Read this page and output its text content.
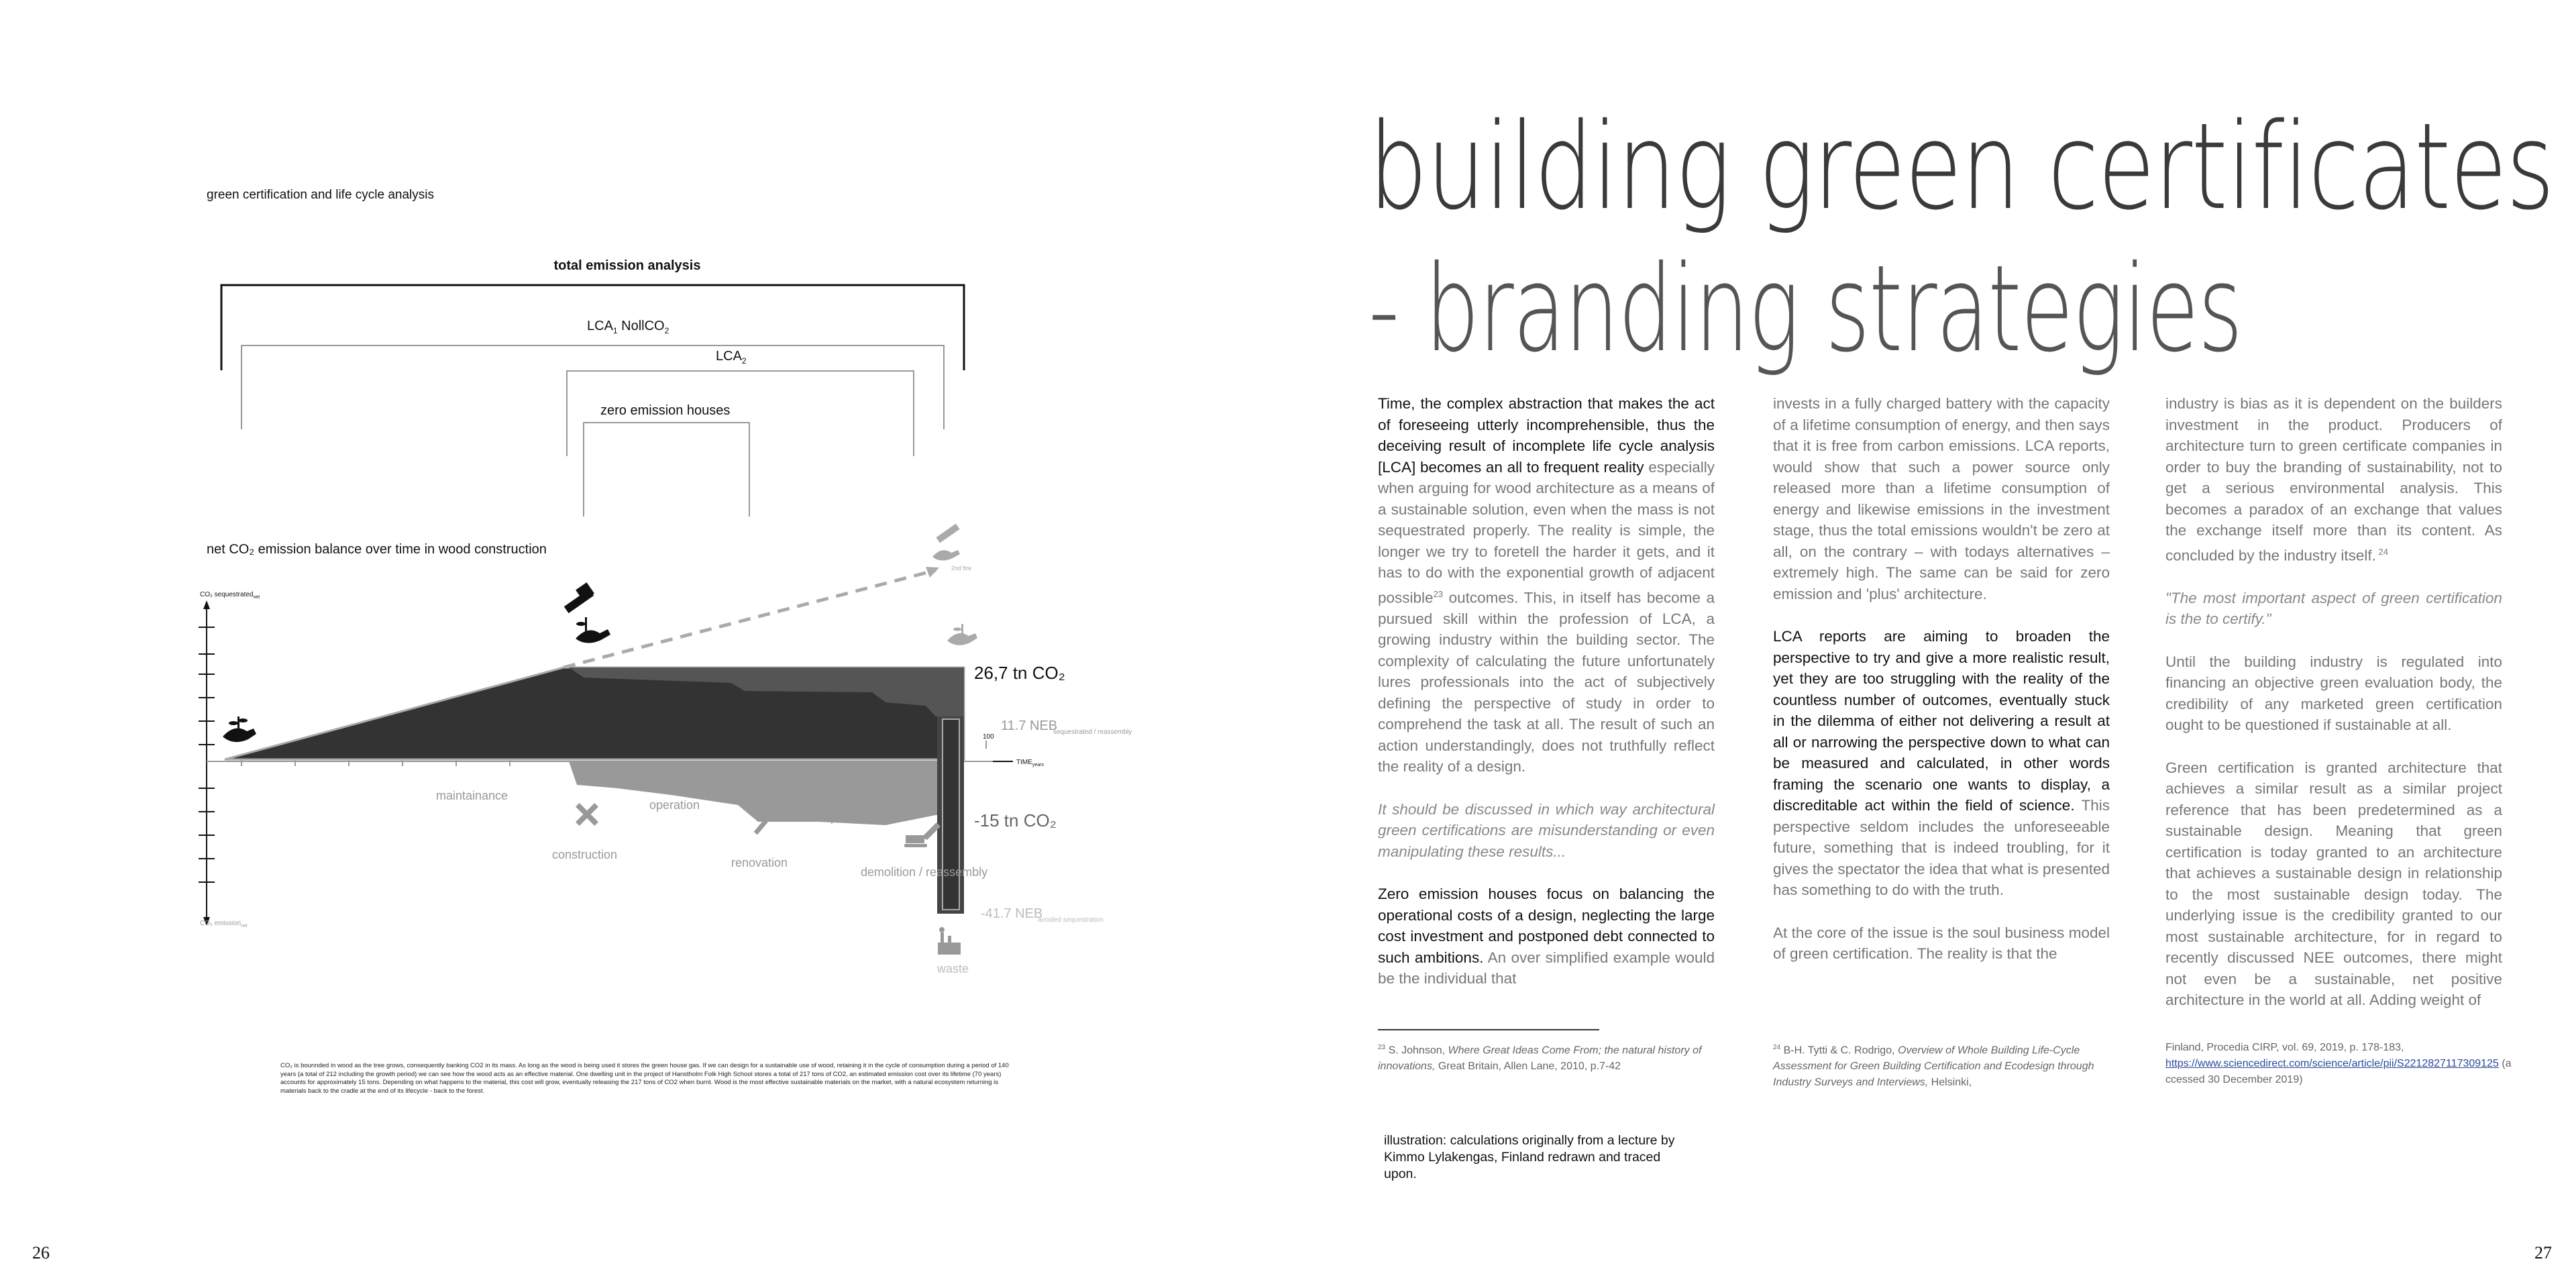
green certification and life cycle analysis
total emission analysis
$LCA_1$ NollCO$_2$
$LCA_2$
zero emission houses
net CO₂ emission balance over time in wood construction
CO₂ sequestrated$_{net}$
CO₂ emission$_{net}$
100
$TIME_{years}$
26,7 tn CO₂
-15 tn CO₂
11.7 NEB
sequestrated / reassembly
-41.7 NEB
avoided sequestration
2nd fire
maintainance
operation
operation
construction
renovation
demolition / reassembly
waste
CO₂ is bounnded in wood as the tree grows, consequently banking CO2 in its mass. As long as the wood is being used it stores the green house gas. If we can design for a sustainable use of wood, retaining it in the cycle of consumption during a period of 140 years (a total of 212 including the growth period) we can see how the wood acts as an effective material. One dwelling unit in the project of Hanstholm Folk High School stores a total of 217 tons of CO2, an estimated emission cost over its lifetime (70 years) accounts for approximately 15 tons. Depending on what happens to the material, this cost will grow, eventually releasing the 217 tons of CO2 when burnt. Wood is the most effective sustainable materials on the market, with a natural ecosystem returning is materials back to the cradle at the end of its lifecycle - back to the forest.
26
building green certificates
- branding strategies

Time, the complex abstraction that makes the act of foreseeing utterly incomprehensible, thus the deceiving result of incomplete life cycle analysis [LCA] becomes an all to frequent reality especially when arguing for wood architecture as a means of a sustainable solution, even when the mass is not sequestrated properly. The reality is simple, the longer we try to foretell the harder it gets, and it has to do with the exponential growth of adjacent possible$^{23}$ outcomes. This, in itself has become a pursued skill within the profession of LCA, a growing industry within the building sector. The complexity of calculating the future unfortunately lures professionals into the act of subjectively defining the perspective of study in order to comprehend the task at all. The result of such an action understandingly, does not truthfully reflect the reality of a design.

It should be discussed in which way architectural green certifications are misunderstanding or even manipulating these results...

Zero emission houses focus on balancing the operational costs of a design, neglecting the large cost investment and postponed debt connected to such ambitions. An over simplified example would be the individual that

invests in a fully charged battery with the capacity of a lifetime consumption of energy, and then says that it is free from carbon emissions. LCA reports, would show that such a power source only released more than a lifetime consumption of energy and likewise emissions in the investment stage, thus the total emissions wouldn't be zero at all, on the contrary – with todays alternatives – extremely high. The same can be said for zero emission and 'plus' architecture.

LCA reports are aiming to broaden the perspective to try and give a more realistic result, yet they are too struggling with the reality of the countless number of outcomes, eventually stuck in the dilemma of either not delivering a result at all or narrowing the perspective down to what can be measured and calculated, in other words framing the scenario one wants to display, a discreditable act within the field of science. This perspective seldom includes the unforeseeable future, something that is indeed troubling, for it gives the spectator the idea that what is presented has something to do with the truth.

At the core of the issue is the soul business model of green certification. The reality is that the

industry is bias as it is dependent on the builders investment in the product. Producers of architecture turn to green certificate companies in order to buy the branding of sustainability, not to get a serious environmental analysis. This becomes a paradox of an exchange that values the exchange itself more than its content. As concluded by the industry itself. $^{24}$

"The most important aspect of green certification is the to certify."

Until the building industry is regulated into financing an objective green evaluation body, the credibility of any marketed green certification ought to be questioned if sustainable at all.

Green certification is granted architecture that achieves a similar result as a similar project reference that has been predetermined as a sustainable design. Meaning that green certification is today granted to an architecture that achieves a sustainable design in relationship to the most sustainable design today. The underlying issue is the credibility granted to our most sustainable architecture, for in regard to recently discussed NEE outcomes, there might not even be a sustainable, net positive architecture in the world at all. Adding weight of

$^{23}$ S. Johnson, Where Great Ideas Come From; the natural history of innovations, Great Britain, Allen Lane, 2010, p.7-42
$^{24}$ B-H. Tytti & C. Rodrigo, Overview of Whole Building Life-Cycle Assessment for Green Building Certification and Ecodesign through Industry Surveys and Interviews, Helsinki,
Finland, Procedia CIRP, vol. 69, 2019, p. 178-183,
https://www.sciencedirect.com/science/article/pii/S2212827117309125 (accessed 30 December 2019)
illustration: calculations originally from a lecture by Kimmo Lylakengas, Finland redrawn and traced upon.
27
